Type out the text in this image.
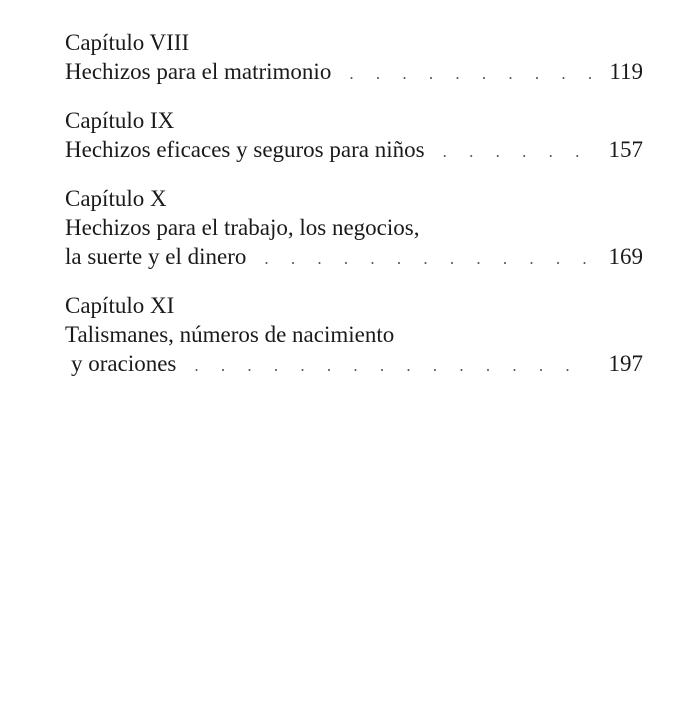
Capítulo VIII
Hechizos para el matrimonio . . .	119
Capítulo IX
Hechizos eficaces y seguros para niños . . .	157
Capítulo X
Hechizos para el trabajo, los negocios,
la suerte y el dinero . . .	169
Capítulo XI
Talismanes, números de nacimiento
y oraciones . . .	197
